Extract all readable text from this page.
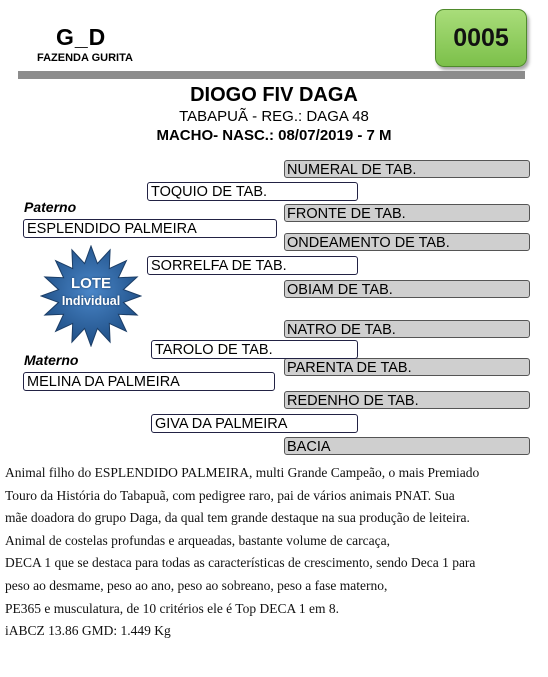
G_D
FAZENDA GURITA
0005
DIOGO FIV DAGA
TABAPUÃ - REG.: DAGA 48
MACHO- NASC.: 08/07/2019 - 7 M
NUMERAL DE TAB.
FRONTE DE TAB.
ONDEAMENTO DE TAB.
OBIAM DE TAB.
NATRO DE TAB.
PARENTA DE TAB.
REDENHO DE TAB.
BACIA
TOQUIO DE TAB.
SORRELFA DE TAB.
TAROLO DE TAB.
GIVA DA PALMEIRA
Paterno
ESPLENDIDO PALMEIRA
Materno
MELINA DA PALMEIRA
LOTE
Individual

Animal filho do ESPLENDIDO PALMEIRA, multi Grande Campeão, o mais Premiado

Touro da História do Tabapuã, com pedigree raro, pai de vários animais PNAT. Sua

mãe doadora do grupo Daga, da qual tem grande destaque na sua produção de leiteira.

Animal de costelas profundas e arqueadas, bastante volume de carcaça,

DECA 1 que se destaca para todas as características de crescimento, sendo Deca 1 para

peso ao desmame, peso ao ano, peso ao sobreano, peso a fase materno,

PE365 e musculatura, de 10 critérios ele é Top DECA 1 em 8.

iABCZ 13.86 GMD: 1.449 Kg
